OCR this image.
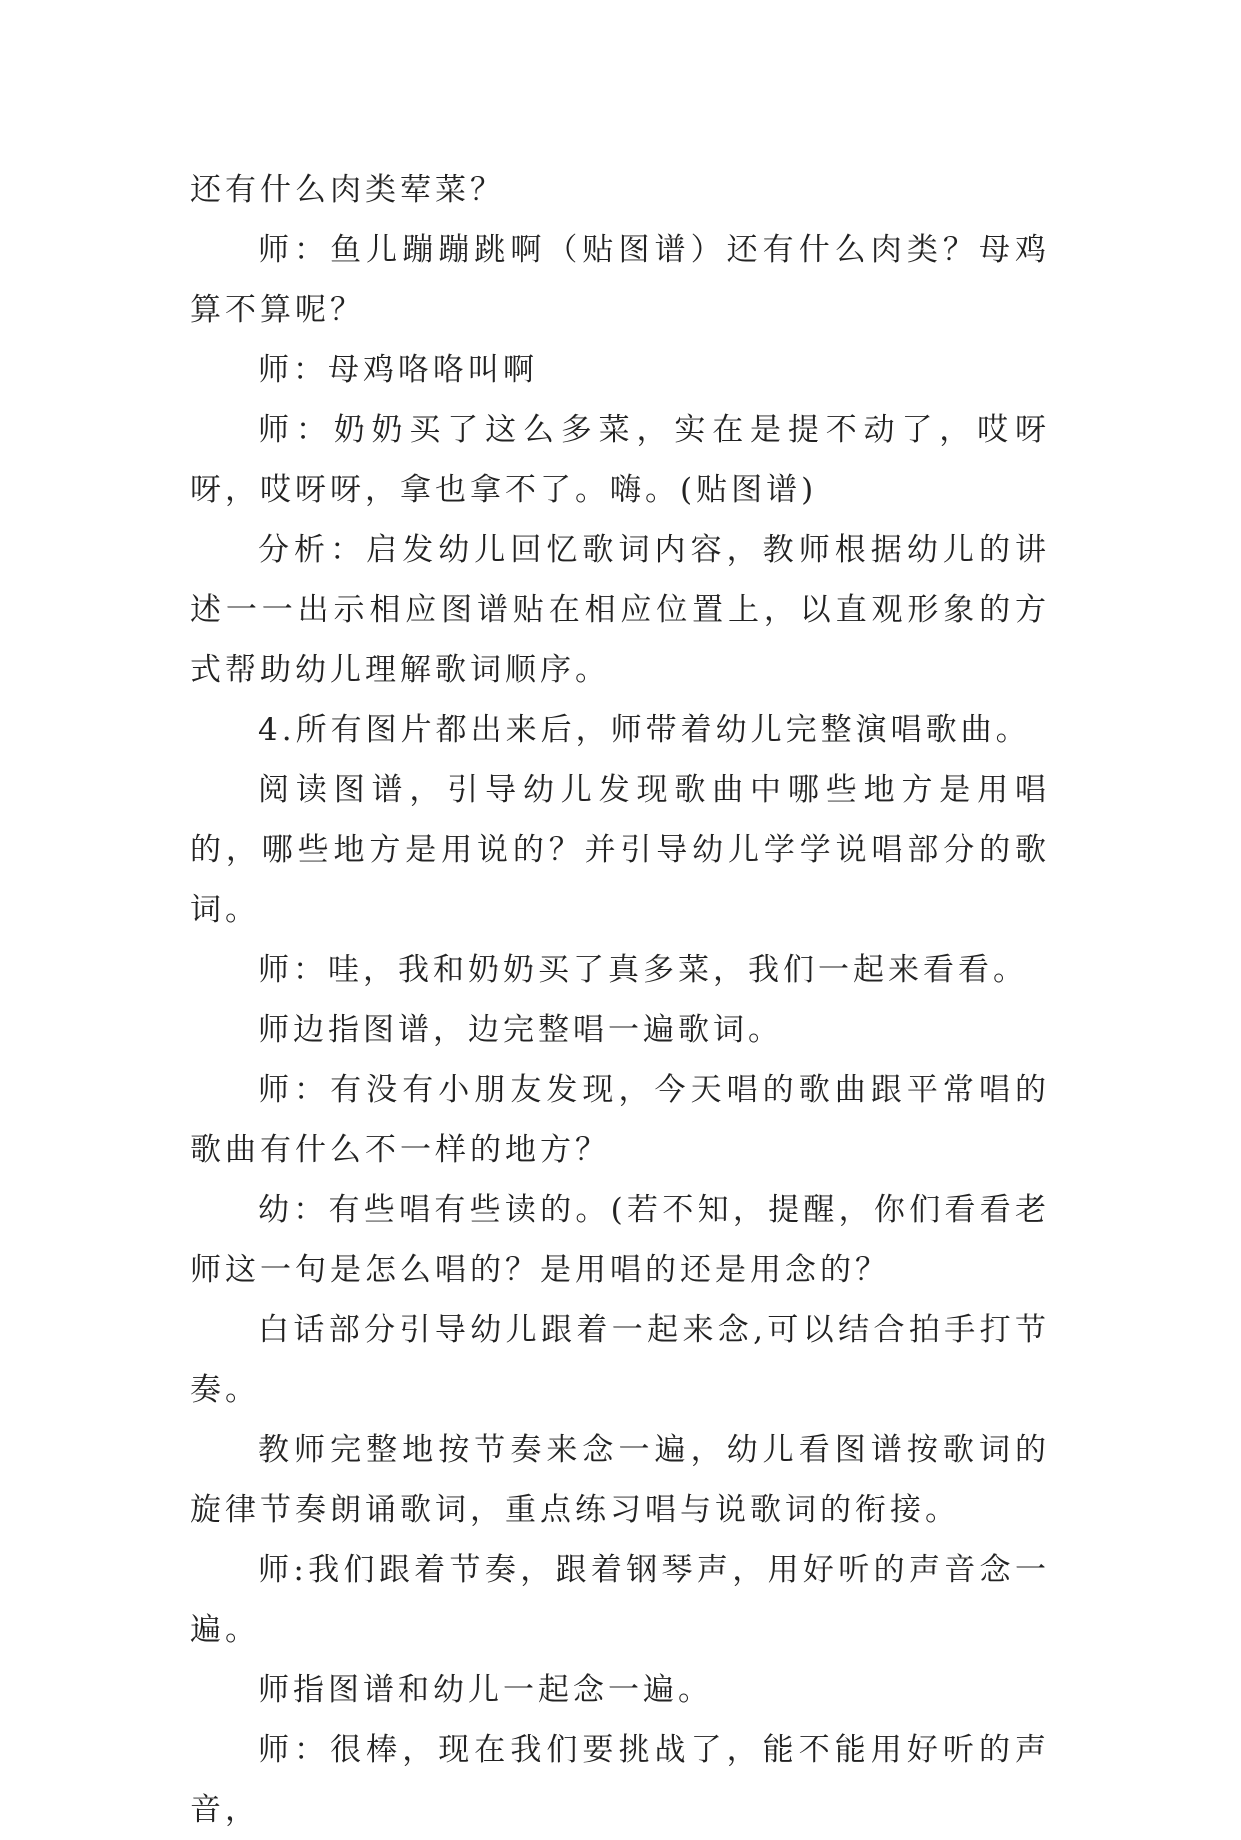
还有什么肉类荤菜？

师：鱼儿蹦蹦跳啊（贴图谱）还有什么肉类？母鸡算不算呢？

师：母鸡咯咯叫啊

师：奶奶买了这么多菜，实在是提不动了，哎呀呀，哎呀呀，拿也拿不了。嗨。(贴图谱)

分析：启发幼儿回忆歌词内容，教师根据幼儿的讲述一一出示相应图谱贴在相应位置上，以直观形象的方式帮助幼儿理解歌词顺序。

4.所有图片都出来后，师带着幼儿完整演唱歌曲。

阅读图谱，引导幼儿发现歌曲中哪些地方是用唱的，哪些地方是用说的？并引导幼儿学学说唱部分的歌词。

师：哇，我和奶奶买了真多菜，我们一起来看看。

师边指图谱，边完整唱一遍歌词。

师：有没有小朋友发现，今天唱的歌曲跟平常唱的歌曲有什么不一样的地方？

幼：有些唱有些读的。(若不知，提醒，你们看看老师这一句是怎么唱的？是用唱的还是用念的？

白话部分引导幼儿跟着一起来念,可以结合拍手打节奏。

教师完整地按节奏来念一遍，幼儿看图谱按歌词的旋律节奏朗诵歌词，重点练习唱与说歌词的衔接。

师:我们跟着节奏，跟着钢琴声，用好听的声音念一遍。

师指图谱和幼儿一起念一遍。

师：很棒，现在我们要挑战了，能不能用好听的声音，
